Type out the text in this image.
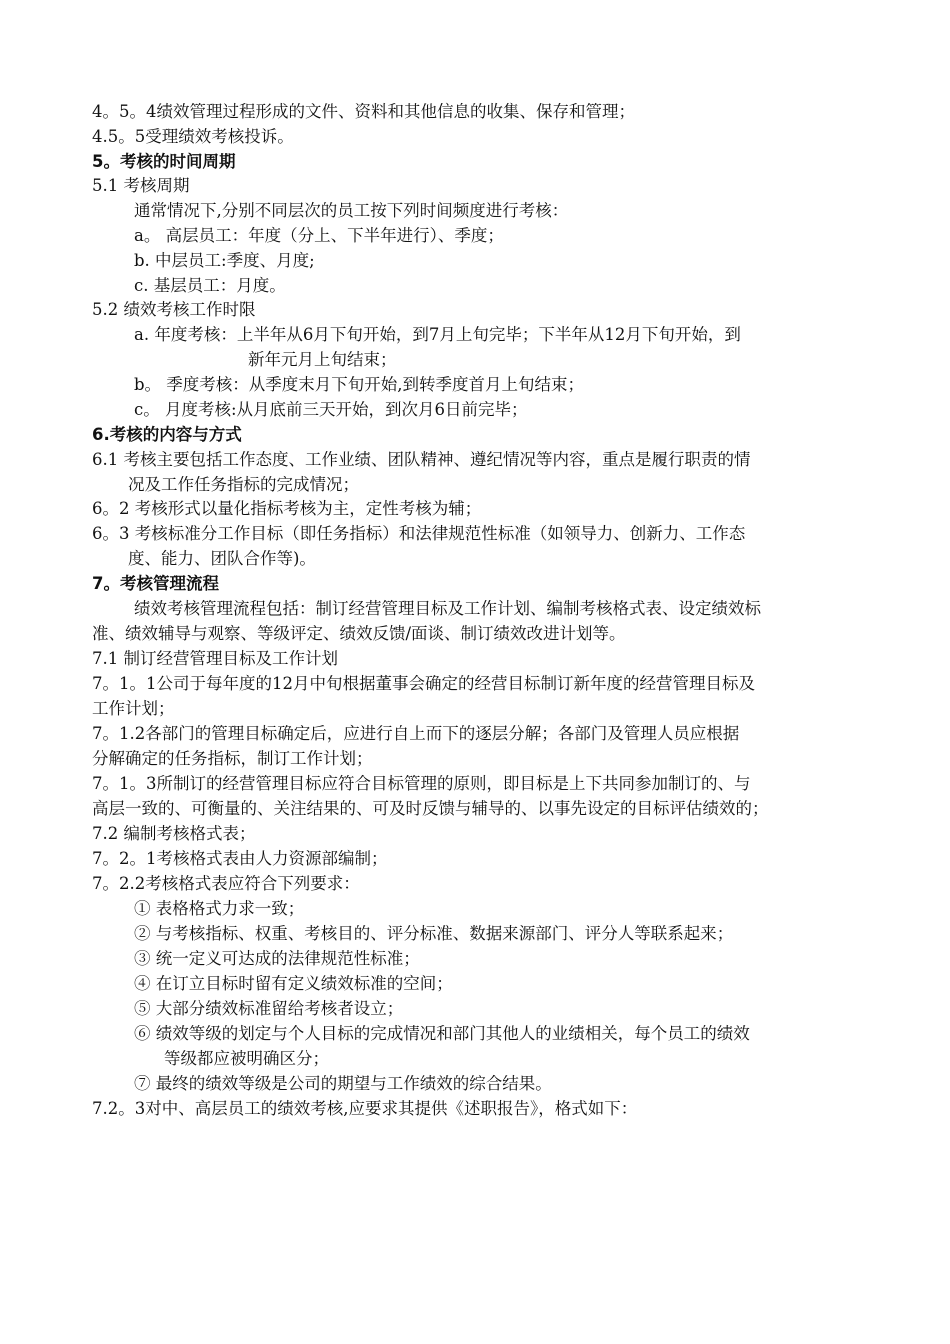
4。5。4绩效管理过程形成的文件、资料和其他信息的收集、保存和管理；
4.5。5受理绩效考核投诉。
5。考核的时间周期
5.1 考核周期
通常情况下,分别不同层次的员工按下列时间频度进行考核：
a。 高层员工：年度（分上、下半年进行）、季度；
b. 中层员工:季度、月度;
c. 基层员工：月度。
5.2 绩效考核工作时限
a. 年度考核：上半年从6月下旬开始，到7月上旬完毕；下半年从12月下旬开始，到
新年元月上旬结束；
b。 季度考核：从季度末月下旬开始,到转季度首月上旬结束；
c。 月度考核:从月底前三天开始，到次月6日前完毕；
6.考核的内容与方式
6.1 考核主要包括工作态度、工作业绩、团队精神、遵纪情况等内容，重点是履行职责的情
况及工作任务指标的完成情况；
6。2 考核形式以量化指标考核为主，定性考核为辅；
6。3 考核标准分工作目标（即任务指标）和法律规范性标准（如领导力、创新力、工作态
度、能力、团队合作等)。
7。考核管理流程
绩效考核管理流程包括：制订经营管理目标及工作计划、编制考核格式表、设定绩效标
准、绩效辅导与观察、等级评定、绩效反馈/面谈、制订绩效改进计划等。
7.1 制订经营管理目标及工作计划
7。1。1公司于每年度的12月中旬根据董事会确定的经营目标制订新年度的经营管理目标及
工作计划；
7。1.2各部门的管理目标确定后，应进行自上而下的逐层分解；各部门及管理人员应根据
分解确定的任务指标，制订工作计划；
7。1。3所制订的经营管理目标应符合目标管理的原则，即目标是上下共同参加制订的、与
高层一致的、可衡量的、关注结果的、可及时反馈与辅导的、以事先设定的目标评估绩效的；
7.2 编制考核格式表；
7。2。1考核格式表由人力资源部编制；
7。2.2考核格式表应符合下列要求：
① 表格格式力求一致；
② 与考核指标、权重、考核目的、评分标准、数据来源部门、评分人等联系起来；
③ 统一定义可达成的法律规范性标准；
④ 在订立目标时留有定义绩效标准的空间；
⑤ 大部分绩效标准留给考核者设立；
⑥ 绩效等级的划定与个人目标的完成情况和部门其他人的业绩相关，每个员工的绩效
等级都应被明确区分；
⑦ 最终的绩效等级是公司的期望与工作绩效的综合结果。
7.2。3对中、高层员工的绩效考核,应要求其提供《述职报告》，格式如下：
